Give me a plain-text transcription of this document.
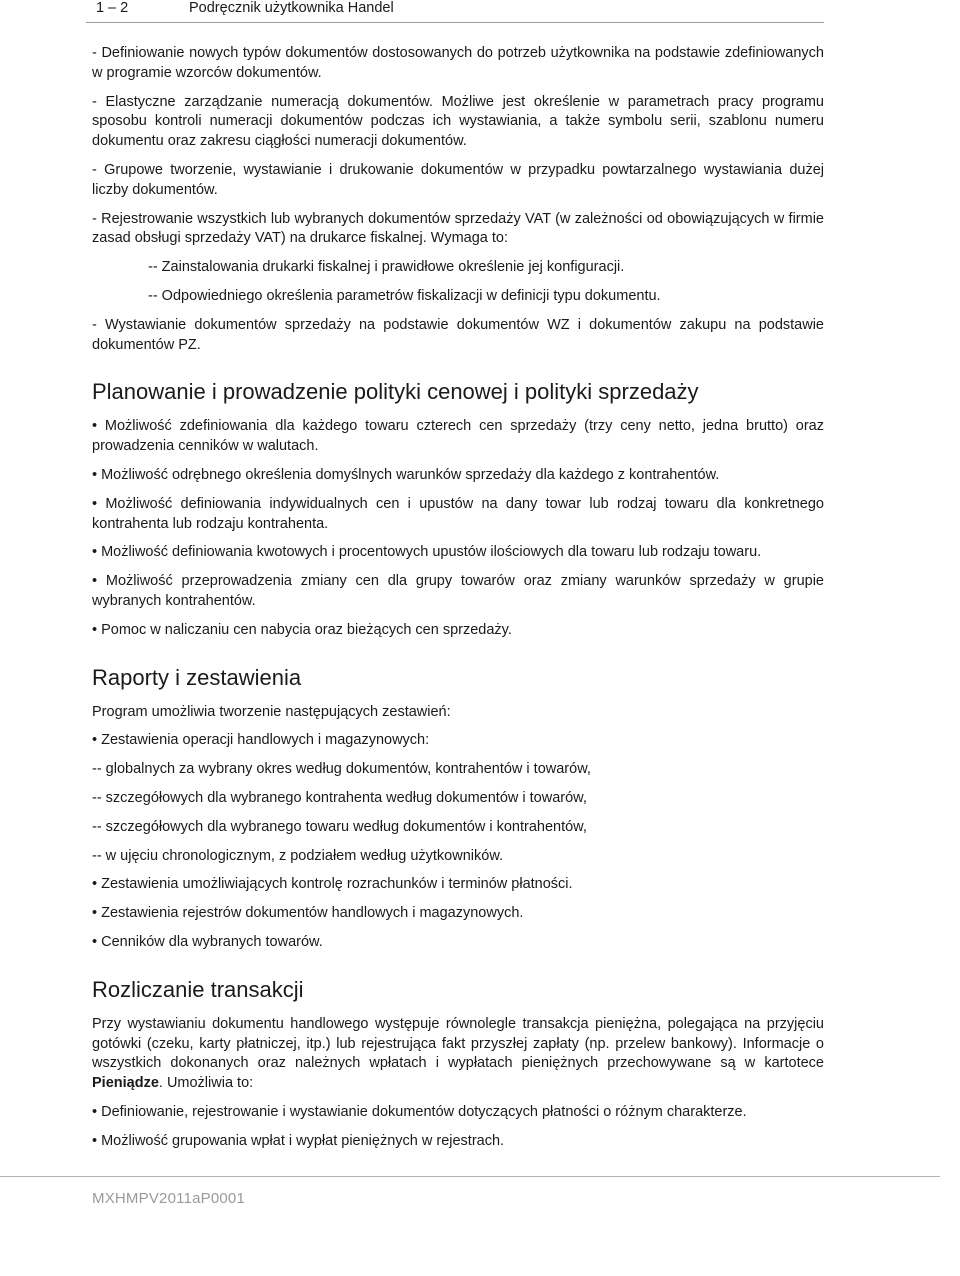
1 – 2	Podręcznik użytkownika Handel

- Definiowanie nowych typów dokumentów dostosowanych do potrzeb użytkownika na podstawie zdefiniowanych w programie wzorców dokumentów.

- Elastyczne zarządzanie numeracją dokumentów. Możliwe jest określenie w parametrach pracy programu sposobu kontroli numeracji dokumentów podczas ich wystawiania, a także symbolu serii, szablonu numeru dokumentu oraz zakresu ciągłości numeracji dokumentów.

- Grupowe tworzenie, wystawianie i drukowanie dokumentów w przypadku powtarzalnego wystawiania dużej liczby dokumentów.

- Rejestrowanie wszystkich lub wybranych dokumentów sprzedaży VAT (w zależności od obowiązujących w firmie zasad obsługi sprzedaży VAT) na drukarce fiskalnej. Wymaga to:

-- Zainstalowania drukarki fiskalnej i prawidłowe określenie jej konfiguracji.

-- Odpowiedniego określenia parametrów fiskalizacji w definicji typu dokumentu.

- Wystawianie dokumentów sprzedaży na podstawie dokumentów WZ i dokumentów zakupu na podstawie dokumentów PZ.

Planowanie i prowadzenie polityki cenowej i polityki sprzedaży

• Możliwość zdefiniowania dla każdego towaru czterech cen sprzedaży (trzy ceny netto, jedna brutto) oraz prowadzenia cenników w walutach.

• Możliwość odrębnego określenia domyślnych warunków sprzedaży dla każdego z kontrahentów.

• Możliwość definiowania indywidualnych cen i upustów na dany towar lub rodzaj towaru dla konkretnego kontrahenta lub rodzaju kontrahenta.

• Możliwość definiowania kwotowych i procentowych upustów ilościowych dla towaru lub rodzaju towaru.

• Możliwość przeprowadzenia zmiany cen dla grupy towarów oraz zmiany warunków sprzedaży w grupie wybranych kontrahentów.

• Pomoc w naliczaniu cen nabycia oraz bieżących cen sprzedaży.

Raporty i zestawienia

Program umożliwia tworzenie następujących zestawień:

• Zestawienia operacji handlowych i magazynowych:

-- globalnych za wybrany okres według dokumentów, kontrahentów i towarów,

-- szczegółowych dla wybranego kontrahenta według dokumentów i towarów,

-- szczegółowych dla wybranego towaru według dokumentów i kontrahentów,

-- w ujęciu chronologicznym, z podziałem według użytkowników.

• Zestawienia umożliwiających kontrolę rozrachunków i terminów płatności.

• Zestawienia rejestrów dokumentów handlowych i magazynowych.

• Cenników dla wybranych towarów.

Rozliczanie transakcji

Przy wystawianiu dokumentu handlowego występuje równolegle transakcja pieniężna, polegająca na przyjęciu gotówki (czeku, karty płatniczej, itp.) lub rejestrująca fakt przyszłej zapłaty (np. przelew bankowy). Informacje o wszystkich dokonanych oraz należnych wpłatach i wypłatach pieniężnych przechowywane są w kartotece Pieniądze. Umożliwia to:

• Definiowanie, rejestrowanie i wystawianie dokumentów dotyczących płatności o różnym charakterze.

• Możliwość grupowania wpłat i wypłat pieniężnych w rejestrach.

MXHMPV2011aP0001
